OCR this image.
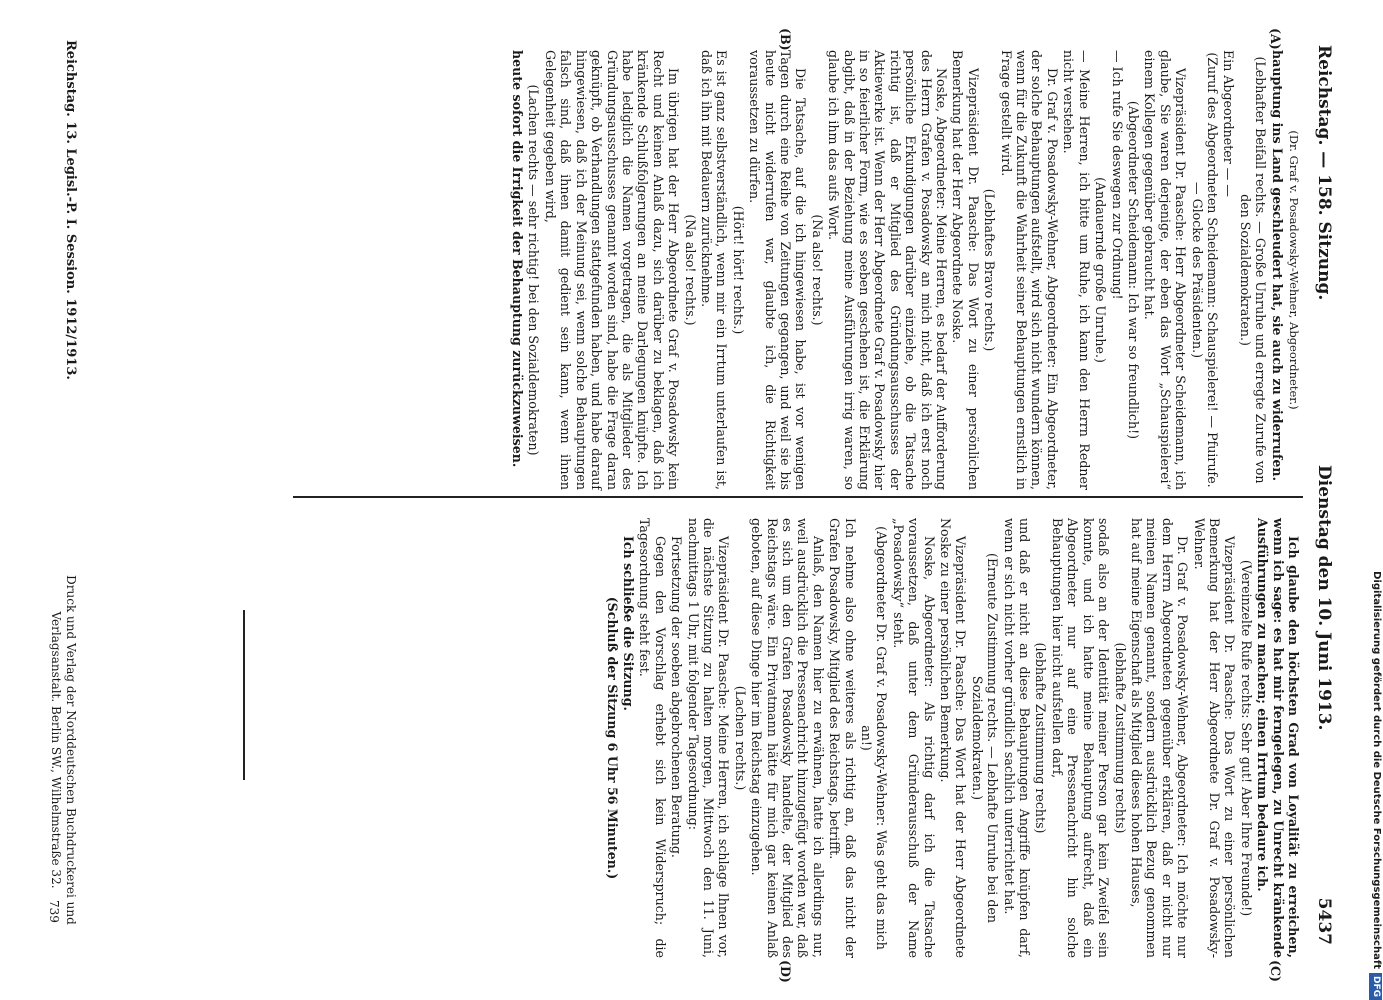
Reichstag. — 158. Sitzung.
Dienstag den 10. Juni 1913.
5437
(A)
(B)
(C)
(D)

(Dr. Graf v. Posadowsky-Wehner, Abgeordneter.)

hauptung ins Land geschleudert hat, sie auch zu widerrufen.

(Lebhafter Beifall rechts. — Große Unruhe und erregte Zurufe von den Sozialdemokraten.)

Ein Abgeordneter — —

(Zuruf des Abgeordneten Scheidemann: Schauspielerei! — Pfuirufe. — Glocke des Präsidenten.)

Vizepräsident Dr. Paasche: Herr Abgeordneter Scheidemann, ich glaube, Sie waren derjenige, der eben das Wort „Schauspielerei“ einem Kollegen gegenüber gebraucht hat.

(Abgeordneter Scheidemann: Ich war so freundlich!)

— Ich rufe Sie deswegen zur Ordnung!

(Andauernde große Unruhe.)

— Meine Herren, ich bitte um Ruhe, ich kann den Herrn Redner nicht verstehen.

Dr. Graf v. Posadowsky-Wehner, Abgeordneter: Ein Abgeordneter, der solche Behauptungen aufstellt, wird sich nicht wundern können, wenn für die Zukunft die Wahrheit seiner Behauptungen ernstlich in Frage gestellt wird.

(Lebhaftes Bravo rechts.)

Vizepräsident Dr. Paasche: Das Wort zu einer persönlichen Bemerkung hat der Herr Abgeordnete Noske.

Noske, Abgeordneter: Meine Herren, es bedarf der Aufforderung des Herrn Grafen v. Posadowsky an mich nicht, daß ich erst noch persönliche Erkundigungen darüber einziehe, ob die Tatsache richtig ist, daß er Mitglied des Gründungsausschusses der Aktiewerke ist. Wenn der Herr Abgeordnete Graf v. Posadowsky hier in so feierlicher Form, wie es soeben geschehen ist, die Erklärung abgibt, daß in der Beziehung meine Ausführungen irrig waren, so glaube ich ihm das aufs Wort.

(Na also! rechts.)

Die Tatsache, auf die ich hingewiesen habe, ist vor wenigen Tagen durch eine Reihe von Zeitungen gegangen, und weil sie bis heute nicht widerrufen war, glaubte ich, die Richtigkeit voraussetzen zu dürfen.

(Hört! hört! rechts.)

Es ist ganz selbstverständlich, wenn mir ein Irrtum unterlaufen ist, daß ich ihn mit Bedauern zurücknehme.

(Na also! rechts.)

Im übrigen hat der Herr Abgeordnete Graf v. Posadowsky kein Recht und keinen Anlaß dazu, sich darüber zu beklagen, daß ich kränkende Schlußfolgerungen an meine Darlegungen knüpfte. Ich habe lediglich die Namen vorgetragen, die als Mitglieder des Gründungsausschusses genannt worden sind, habe die Frage daran geknüpft, ob Verhandlungen stattgefunden haben, und habe darauf hingewiesen, daß ich der Meinung sei, wenn solche Behauptungen falsch sind, daß ihnen damit gedient sein kann, wenn ihnen Gelegenheit gegeben wird,

(Lachen rechts — sehr richtig! bei den Sozialdemokraten)

heute sofort die Irrigkeit der Behauptung zurückzuweisen.

Ich glaube den höchsten Grad von Loyalität zu erreichen, wenn ich sage: es hat mir ferngelegen, zu Unrecht kränkende Ausführungen zu machen; einen Irrtum bedaure ich.

(Vereinzelte Rufe rechts: Sehr gut! Aber Ihre Freunde!)

Vizepräsident Dr. Paasche: Das Wort zu einer persönlichen Bemerkung hat der Herr Abgeordnete Dr. Graf v. Posadowsky-Wehner.

Dr. Graf v. Posadowsky-Wehner, Abgeordneter: Ich möchte nur dem Herrn Abgeordneten gegenüber erklären, daß er nicht nur meinen Namen genannt, sondern ausdrücklich Bezug genommen hat auf meine Eigenschaft als Mitglied dieses hohen Hauses,

(lebhafte Zustimmung rechts)

sodaß also an der Identität meiner Person gar kein Zweifel sein konnte, und ich hatte meine Behauptung aufrecht, daß ein Abgeordneter nur auf eine Pressenachricht hin solche Behauptungen hier nicht aufstellen darf,

(lebhafte Zustimmung rechts)

und daß er nicht an diese Behauptungen Angriffe knüpfen darf, wenn er sich nicht vorher gründlich sachlich unterrichtet hat.

(Erneute Zustimmung rechts. — Lebhafte Unruhe bei den Sozialdemokraten.)

Vizepräsident Dr. Paasche: Das Wort hat der Herr Abgeordnete Noske zu einer persönlichen Bemerkung.

Noske, Abgeordneter: Als richtig darf ich die Tatsache voraussetzen, daß unter dem Gründerausschuß der Name „Posadowsky“ steht.

(Abgeordneter Dr. Graf v. Posadowsky-Wehner: Was geht das mich an!)

Ich nehme also ohne weiteres als richtig an, daß das nicht der Grafen Posadowsky, Mitglied des Reichstags, betrifft.

Anlaß, den Namen hier zu erwähnen, hatte ich allerdings nur, weil ausdrücklich die Pressenachricht hinzugefügt worden war, daß es sich um den Grafen Posadowsky handelte, der Mitglied des Reichstags wäre. Ein Privatmann hätte für mich gar keinen Anlaß geboten, auf diese Dinge hier im Reichstag einzugehen.

(Lachen rechts.)

Vizepräsident Dr. Paasche: Meine Herren, ich schlage Ihnen vor, die nächste Sitzung zu halten morgen, Mittwoch den 11. Juni, nachmittags 1 Uhr, mit folgender Tagesordnung:

Fortsetzung der soeben abgebrochenen Beratung.

Gegen den Vorschlag erhebt sich kein Widerspruch; die Tagesordnung steht fest.

Ich schließe die Sitzung.

(Schluß der Sitzung 6 Uhr 56 Minuten.)

Reichstag. 13. Legisl.-P. I. Session. 1912/1913.
Druck und Verlag der Norddeutschen Buchdruckerei und Verlagsanstalt. Berlin SW., Wilhelmstraße 32.
739	Digitalisierung gefördert durch die Deutsche ForschungsgemeinschaftDFG
